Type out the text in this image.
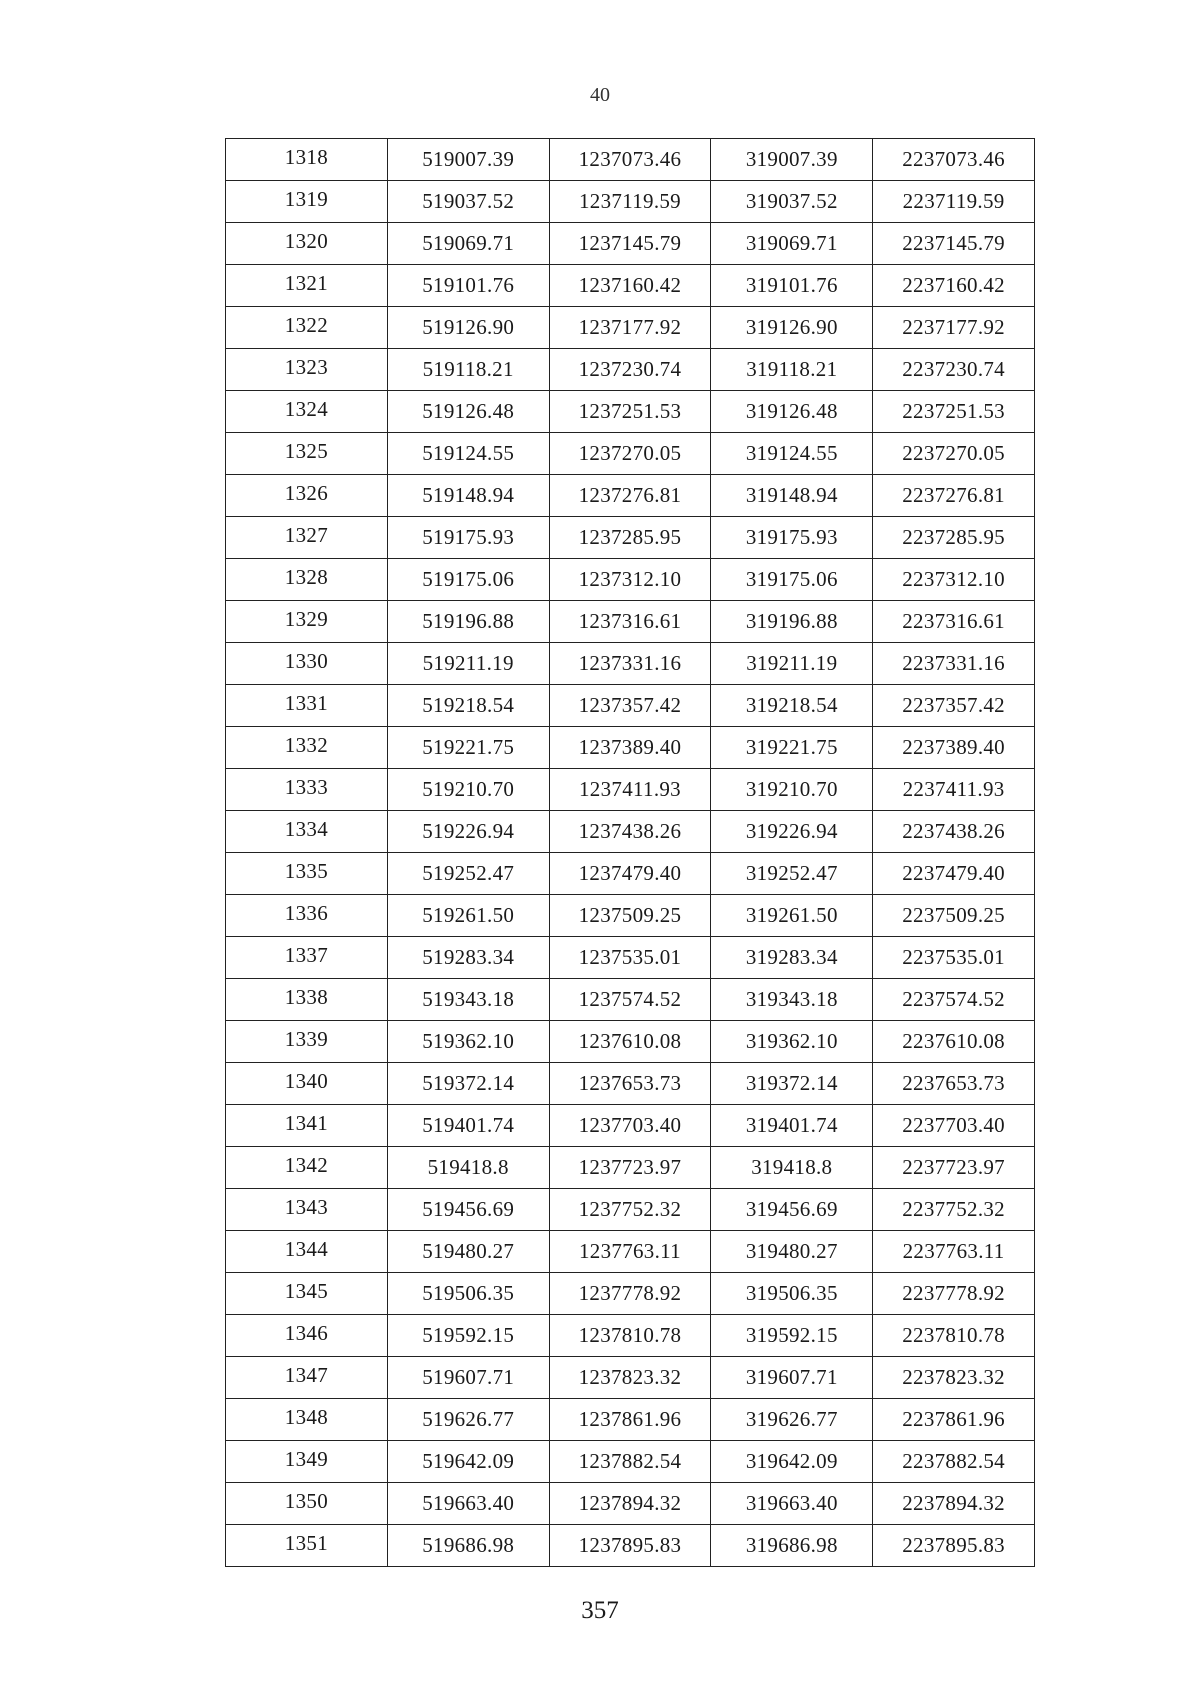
40
1318	519007.39	1237073.46	319007.39	2237073.46
1319	519037.52	1237119.59	319037.52	2237119.59
1320	519069.71	1237145.79	319069.71	2237145.79
1321	519101.76	1237160.42	319101.76	2237160.42
1322	519126.90	1237177.92	319126.90	2237177.92
1323	519118.21	1237230.74	319118.21	2237230.74
1324	519126.48	1237251.53	319126.48	2237251.53
1325	519124.55	1237270.05	319124.55	2237270.05
1326	519148.94	1237276.81	319148.94	2237276.81
1327	519175.93	1237285.95	319175.93	2237285.95
1328	519175.06	1237312.10	319175.06	2237312.10
1329	519196.88	1237316.61	319196.88	2237316.61
1330	519211.19	1237331.16	319211.19	2237331.16
1331	519218.54	1237357.42	319218.54	2237357.42
1332	519221.75	1237389.40	319221.75	2237389.40
1333	519210.70	1237411.93	319210.70	2237411.93
1334	519226.94	1237438.26	319226.94	2237438.26
1335	519252.47	1237479.40	319252.47	2237479.40
1336	519261.50	1237509.25	319261.50	2237509.25
1337	519283.34	1237535.01	319283.34	2237535.01
1338	519343.18	1237574.52	319343.18	2237574.52
1339	519362.10	1237610.08	319362.10	2237610.08
1340	519372.14	1237653.73	319372.14	2237653.73
1341	519401.74	1237703.40	319401.74	2237703.40
1342	519418.8	1237723.97	319418.8	2237723.97
1343	519456.69	1237752.32	319456.69	2237752.32
1344	519480.27	1237763.11	319480.27	2237763.11
1345	519506.35	1237778.92	319506.35	2237778.92
1346	519592.15	1237810.78	319592.15	2237810.78
1347	519607.71	1237823.32	319607.71	2237823.32
1348	519626.77	1237861.96	319626.77	2237861.96
1349	519642.09	1237882.54	319642.09	2237882.54
1350	519663.40	1237894.32	319663.40	2237894.32
1351	519686.98	1237895.83	319686.98	2237895.83
357
